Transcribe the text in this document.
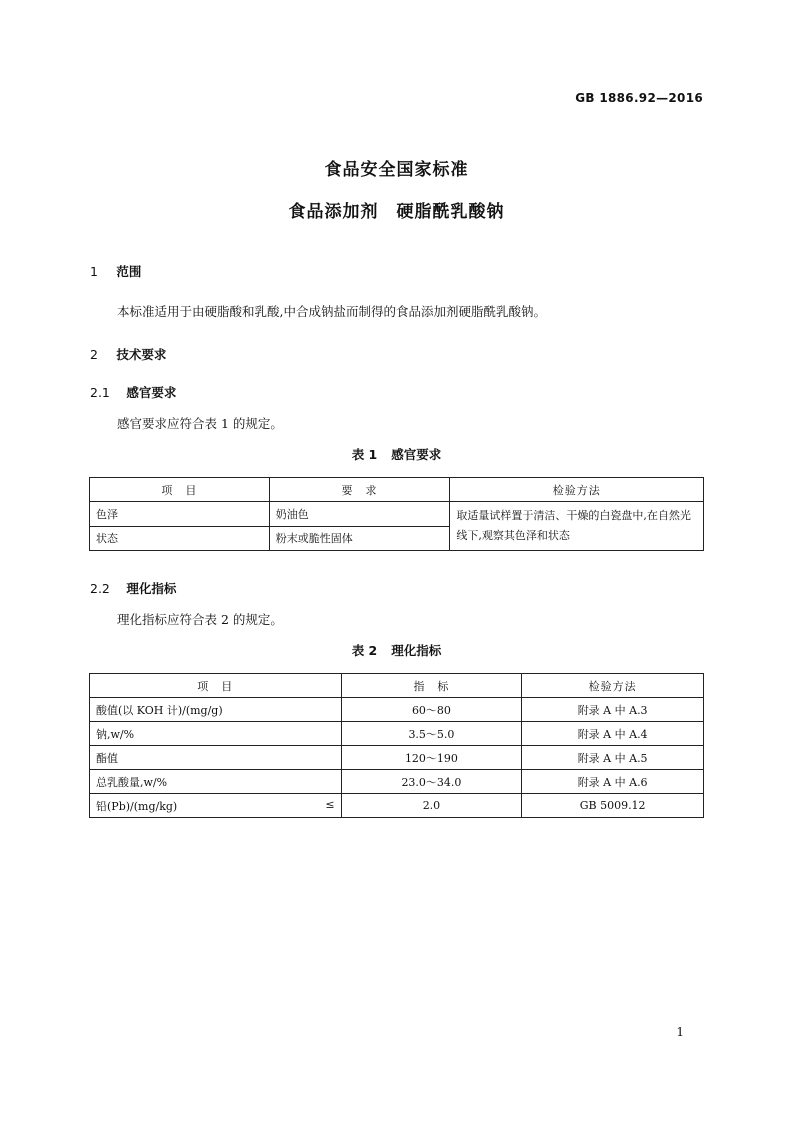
GB 1886.92—2016
食品安全国家标准
食品添加剂　硬脂酰乳酸钠
1 范围
本标准适用于由硬脂酸和乳酸,中合成钠盐而制得的食品添加剂硬脂酰乳酸钠。
2 技术要求
2.1 感官要求
感官要求应符合表 1 的规定。
表 1 感官要求
项　目	要　求	检验方法
色泽	奶油色	取适量试样置于清洁、干燥的白瓷盘中,在自然光线下,观察其色泽和状态
状态	粉末或脆性固体	
2.2 理化指标
理化指标应符合表 2 的规定。
表 2 理化指标
项　目	指　标	检验方法
酸值(以 KOH 计)/(mg/g)	60～80	附录 A 中 A.3
钠,w/%	3.5～5.0	附录 A 中 A.4
酯值	120～190	附录 A 中 A.5
总乳酸量,w/%	23.0～34.0	附录 A 中 A.6
铅(Pb)/(mg/kg) ≤	2.0	GB 5009.12
1
